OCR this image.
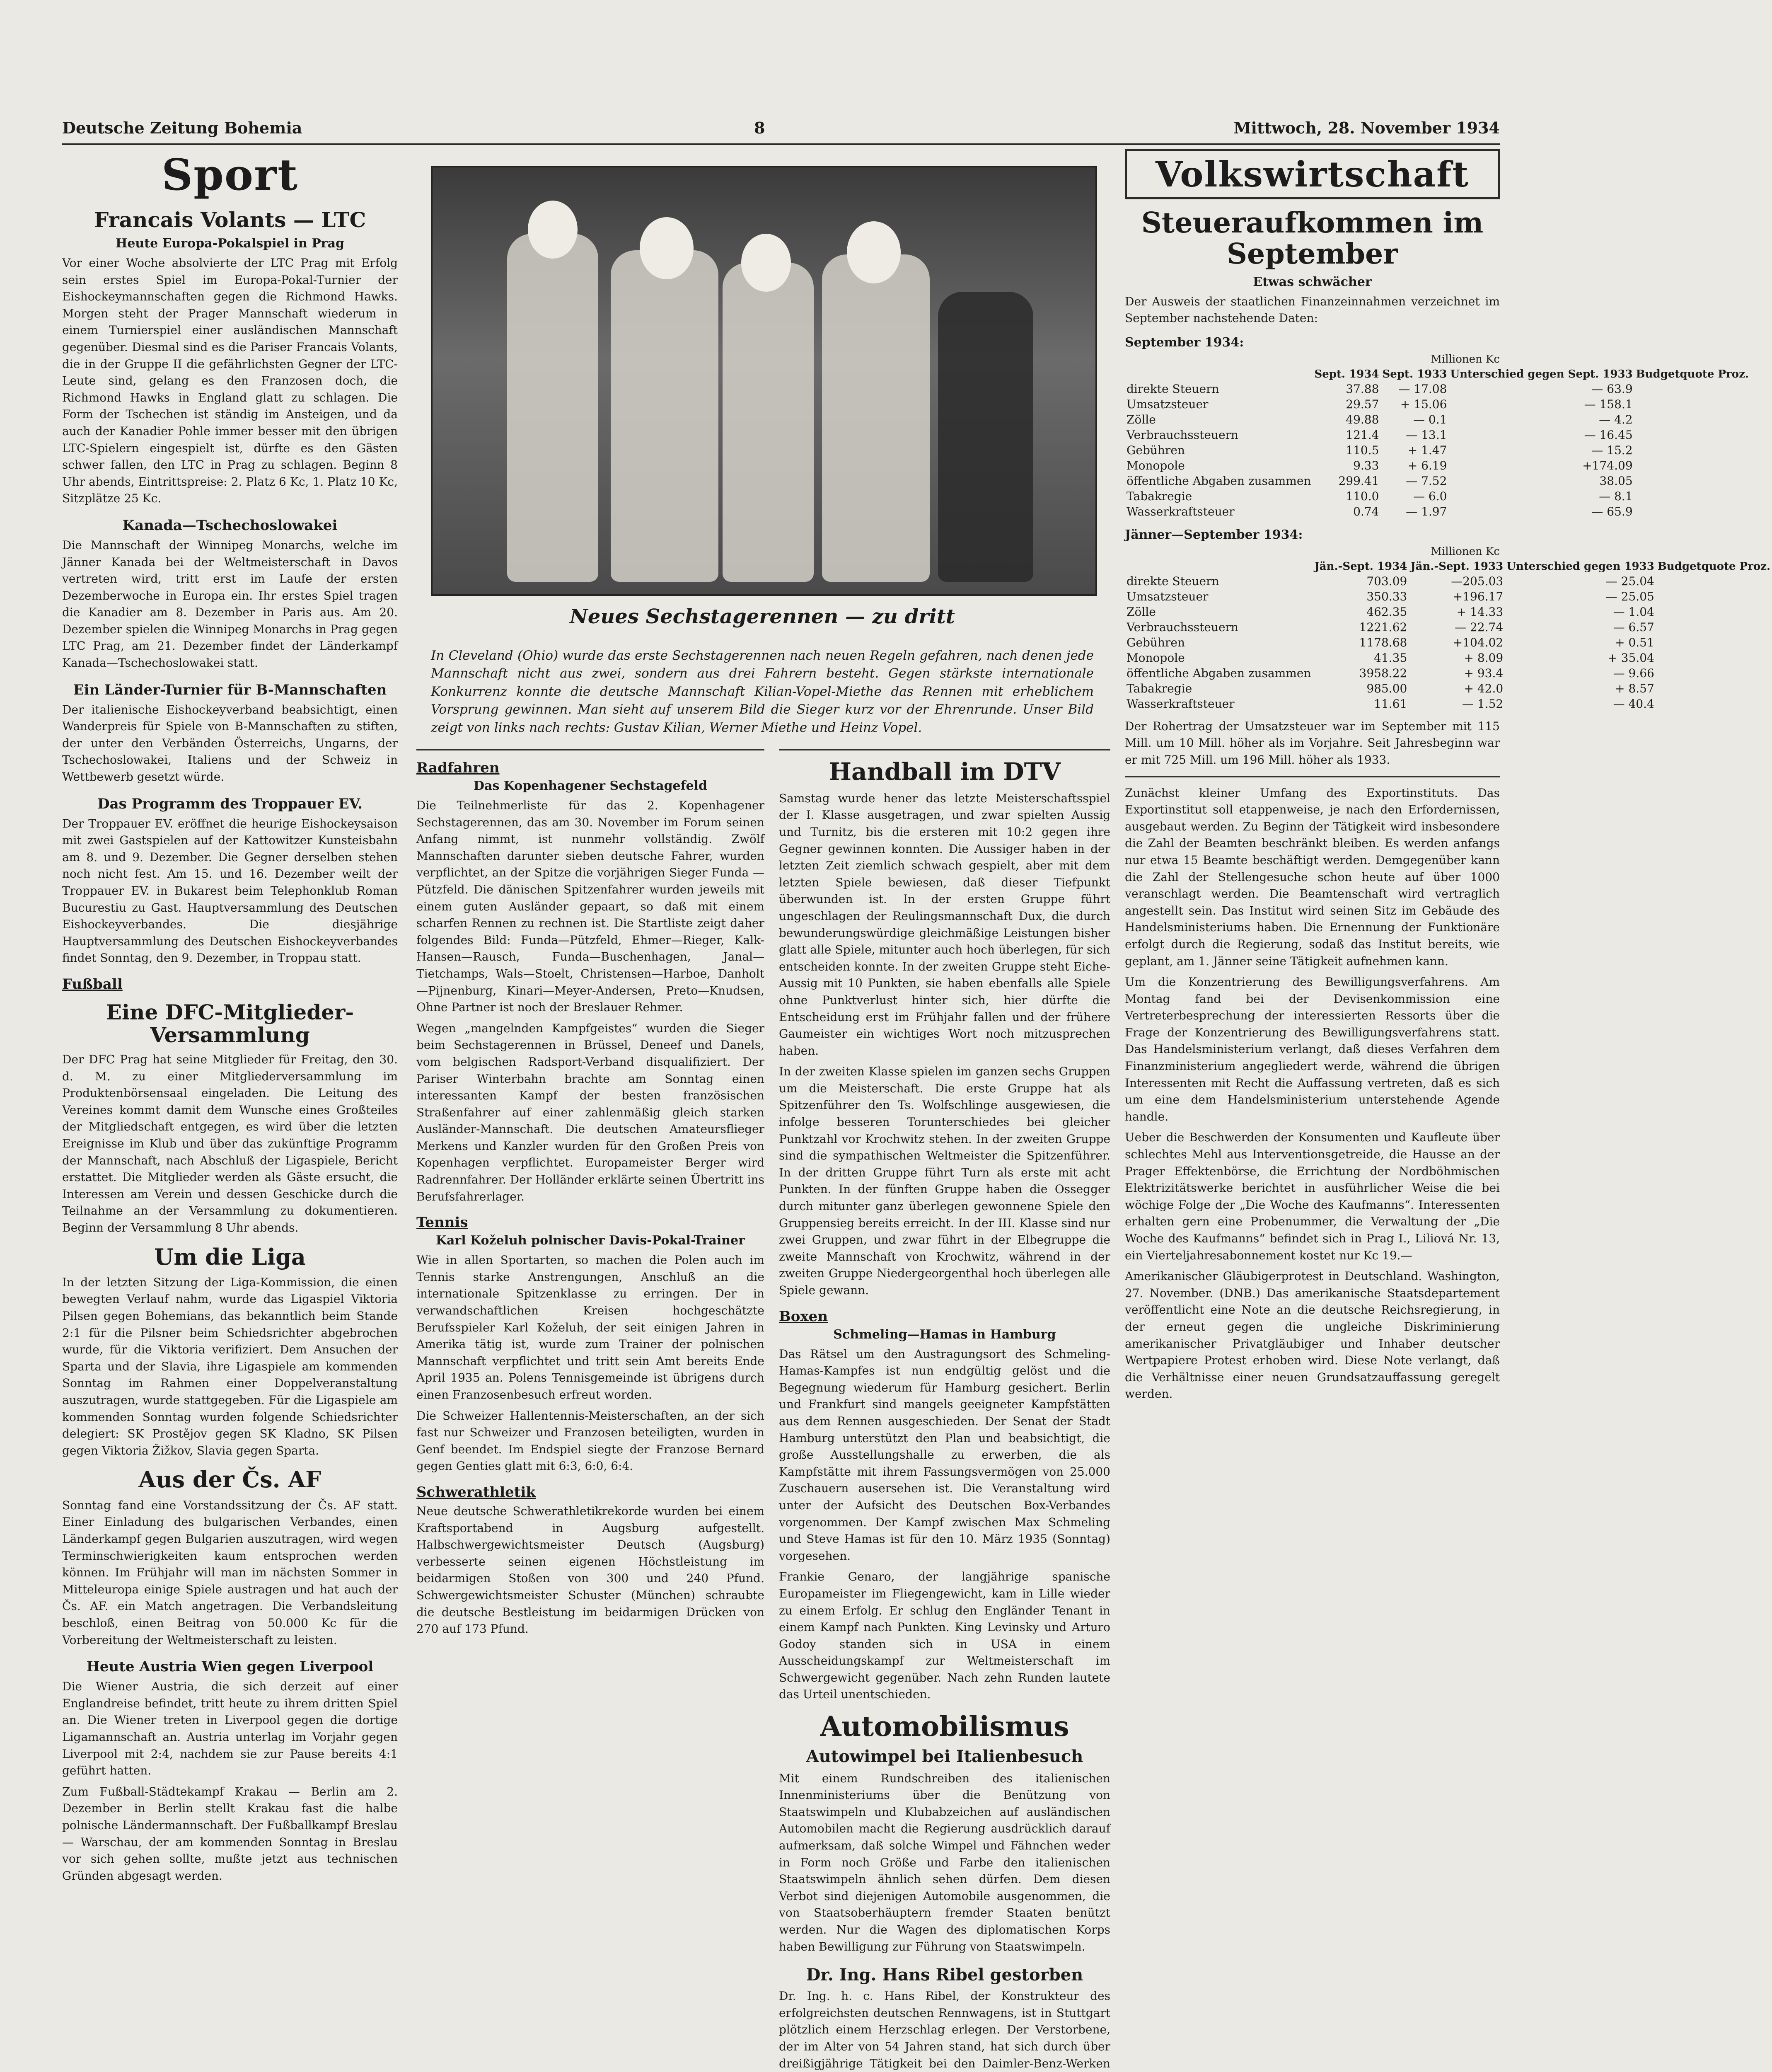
Deutsche Zeitung Bohemia	8	Mittwoch, 28. November 1934
Sport
Francais Volants — LTC
Heute Europa-Pokalspiel in Prag

Vor einer Woche absolvierte der LTC Prag mit Erfolg sein erstes Spiel im Europa-Pokal-Turnier der Eishockeymannschaften gegen die Richmond Hawks. Morgen steht der Prager Mannschaft wiederum in einem Turnierspiel einer ausländischen Mannschaft gegenüber. Diesmal sind es die Pariser Francais Volants, die in der Gruppe II die gefährlichsten Gegner der LTC-Leute sind, gelang es den Franzosen doch, die Richmond Hawks in England glatt zu schlagen. Die Form der Tschechen ist ständig im Ansteigen, und da auch der Kanadier Pohle immer besser mit den übrigen LTC-Spielern eingespielt ist, dürfte es den Gästen schwer fallen, den LTC in Prag zu schlagen. Beginn 8 Uhr abends, Eintrittspreise: 2. Platz 6 Kc, 1. Platz 10 Kc, Sitzplätze 25 Kc.

Kanada—Tschechoslowakei

Die Mannschaft der Winnipeg Monarchs, welche im Jänner Kanada bei der Weltmeisterschaft in Davos vertreten wird, tritt erst im Laufe der ersten Dezemberwoche in Europa ein. Ihr erstes Spiel tragen die Kanadier am 8. Dezember in Paris aus. Am 20. Dezember spielen die Winnipeg Monarchs in Prag gegen LTC Prag, am 21. Dezember findet der Länderkampf Kanada—Tschechoslowakei statt.

Ein Länder-Turnier für B-Mannschaften

Der italienische Eishockeyverband beabsichtigt, einen Wanderpreis für Spiele von B-Mannschaften zu stiften, der unter den Verbänden Österreichs, Ungarns, der Tschechoslowakei, Italiens und der Schweiz in Wettbewerb gesetzt würde.

Das Programm des Troppauer EV.

Der Troppauer EV. eröffnet die heurige Eishockeysaison mit zwei Gastspielen auf der Kattowitzer Kunsteisbahn am 8. und 9. Dezember. Die Gegner derselben stehen noch nicht fest. Am 15. und 16. Dezember weilt der Troppauer EV. in Bukarest beim Telephonklub Roman Bucurestiu zu Gast. Hauptversammlung des Deutschen Eishockeyverbandes. Die diesjährige Hauptversammlung des Deutschen Eishockeyverbandes findet Sonntag, den 9. Dezember, in Troppau statt.

Fußball
Eine DFC-Mitglieder-Versammlung

Der DFC Prag hat seine Mitglieder für Freitag, den 30. d. M. zu einer Mitgliederversammlung im Produktenbörsensaal eingeladen. Die Leitung des Vereines kommt damit dem Wunsche eines Großteiles der Mitgliedschaft entgegen, es wird über die letzten Ereignisse im Klub und über das zukünftige Programm der Mannschaft, nach Abschluß der Ligaspiele, Bericht erstattet. Die Mitglieder werden als Gäste ersucht, die Interessen am Verein und dessen Geschicke durch die Teilnahme an der Versammlung zu dokumentieren. Beginn der Versammlung 8 Uhr abends.

Um die Liga

In der letzten Sitzung der Liga-Kommission, die einen bewegten Verlauf nahm, wurde das Ligaspiel Viktoria Pilsen gegen Bohemians, das bekanntlich beim Stande 2:1 für die Pilsner beim Schiedsrichter abgebrochen wurde, für die Viktoria verifiziert. Dem Ansuchen der Sparta und der Slavia, ihre Ligaspiele am kommenden Sonntag im Rahmen einer Doppelveranstaltung auszutragen, wurde stattgegeben. Für die Ligaspiele am kommenden Sonntag wurden folgende Schiedsrichter delegiert: SK Prostějov gegen SK Kladno, SK Pilsen gegen Viktoria Žižkov, Slavia gegen Sparta.

Aus der Čs. AF

Sonntag fand eine Vorstandssitzung der Čs. AF statt. Einer Einladung des bulgarischen Verbandes, einen Länderkampf gegen Bulgarien auszutragen, wird wegen Terminschwierigkeiten kaum entsprochen werden können. Im Frühjahr will man im nächsten Sommer in Mitteleuropa einige Spiele austragen und hat auch der Čs. AF. ein Match angetragen. Die Verbandsleitung beschloß, einen Beitrag von 50.000 Kc für die Vorbereitung der Weltmeisterschaft zu leisten.

Heute Austria Wien gegen Liverpool

Die Wiener Austria, die sich derzeit auf einer Englandreise befindet, tritt heute zu ihrem dritten Spiel an. Die Wiener treten in Liverpool gegen die dortige Ligamannschaft an. Austria unterlag im Vorjahr gegen Liverpool mit 2:4, nachdem sie zur Pause bereits 4:1 geführt hatten.

Zum Fußball-Städtekampf Krakau — Berlin am 2. Dezember in Berlin stellt Krakau fast die halbe polnische Ländermannschaft. Der Fußballkampf Breslau — Warschau, der am kommenden Sonntag in Breslau vor sich gehen sollte, mußte jetzt aus technischen Gründen abgesagt werden.

Neues Sechstagerennen — zu dritt

In Cleveland (Ohio) wurde das erste Sechstagerennen nach neuen Regeln gefahren, nach denen jede Mannschaft nicht aus zwei, sondern aus drei Fahrern besteht. Gegen stärkste internationale Konkurrenz konnte die deutsche Mannschaft Kilian-Vopel-Miethe das Rennen mit erheblichem Vorsprung gewinnen. Man sieht auf unserem Bild die Sieger kurz vor der Ehrenrunde. Unser Bild zeigt von links nach rechts: Gustav Kilian, Werner Miethe und Heinz Vopel.

Radfahren
Das Kopenhagener Sechstagefeld

Die Teilnehmerliste für das 2. Kopenhagener Sechstagerennen, das am 30. November im Forum seinen Anfang nimmt, ist nunmehr vollständig. Zwölf Mannschaften darunter sieben deutsche Fahrer, wurden verpflichtet, an der Spitze die vorjährigen Sieger Funda — Pützfeld. Die dänischen Spitzenfahrer wurden jeweils mit einem guten Ausländer gepaart, so daß mit einem scharfen Rennen zu rechnen ist. Die Startliste zeigt daher folgendes Bild: Funda—Pützfeld, Ehmer—Rieger, Kalk-Hansen—Rausch, Funda—Buschenhagen, Janal—Tietchamps, Wals—Stoelt, Christensen—Harboe, Danholt—Pijnenburg, Kinari—Meyer-Andersen, Preto—Knudsen, Ohne Partner ist noch der Breslauer Rehmer.

Wegen „mangelnden Kampfgeistes“ wurden die Sieger beim Sechstagerennen in Brüssel, Deneef und Danels, vom belgischen Radsport-Verband disqualifiziert. Der Pariser Winterbahn brachte am Sonntag einen interessanten Kampf der besten französischen Straßenfahrer auf einer zahlenmäßig gleich starken Ausländer-Mannschaft. Die deutschen Amateursflieger Merkens und Kanzler wurden für den Großen Preis von Kopenhagen verpflichtet. Europameister Berger wird Radrennfahrer. Der Holländer erklärte seinen Übertritt ins Berufsfahrerlager.

Tennis
Karl Koželuh polnischer Davis-Pokal-Trainer

Wie in allen Sportarten, so machen die Polen auch im Tennis starke Anstrengungen, Anschluß an die internationale Spitzenklasse zu erringen. Der in verwandschaftlichen Kreisen hochgeschätzte Berufsspieler Karl Koželuh, der seit einigen Jahren in Amerika tätig ist, wurde zum Trainer der polnischen Mannschaft verpflichtet und tritt sein Amt bereits Ende April 1935 an. Polens Tennisgemeinde ist übrigens durch einen Franzosenbesuch erfreut worden.

Die Schweizer Hallentennis-Meisterschaften, an der sich fast nur Schweizer und Franzosen beteiligten, wurden in Genf beendet. Im Endspiel siegte der Franzose Bernard gegen Genties glatt mit 6:3, 6:0, 6:4.

Schwerathletik

Neue deutsche Schwerathletikrekorde wurden bei einem Kraftsportabend in Augsburg aufgestellt. Halbschwergewichtsmeister Deutsch (Augsburg) verbesserte seinen eigenen Höchstleistung im beidarmigen Stoßen von 300 und 240 Pfund. Schwergewichtsmeister Schuster (München) schraubte die deutsche Bestleistung im beidarmigen Drücken von 270 auf 173 Pfund.

Handball im DTV

Samstag wurde hener das letzte Meisterschaftsspiel der I. Klasse ausgetragen, und zwar spielten Aussig und Turnitz, bis die ersteren mit 10:2 gegen ihre Gegner gewinnen konnten. Die Aussiger haben in der letzten Zeit ziemlich schwach gespielt, aber mit dem letzten Spiele bewiesen, daß dieser Tiefpunkt überwunden ist. In der ersten Gruppe führt ungeschlagen der Reulingsmannschaft Dux, die durch bewunderungswürdige gleichmäßige Leistungen bisher glatt alle Spiele, mitunter auch hoch überlegen, für sich entscheiden konnte. In der zweiten Gruppe steht Eiche-Aussig mit 10 Punkten, sie haben ebenfalls alle Spiele ohne Punktverlust hinter sich, hier dürfte die Entscheidung erst im Frühjahr fallen und der frühere Gaumeister ein wichtiges Wort noch mitzusprechen haben.

In der zweiten Klasse spielen im ganzen sechs Gruppen um die Meisterschaft. Die erste Gruppe hat als Spitzenführer den Ts. Wolfschlinge ausgewiesen, die infolge besseren Torunterschiedes bei gleicher Punktzahl vor Krochwitz stehen. In der zweiten Gruppe sind die sympathischen Weltmeister die Spitzenführer. In der dritten Gruppe führt Turn als erste mit acht Punkten. In der fünften Gruppe haben die Ossegger durch mitunter ganz überlegen gewonnene Spiele den Gruppensieg bereits erreicht. In der III. Klasse sind nur zwei Gruppen, und zwar führt in der Elbegruppe die zweite Mannschaft von Krochwitz, während in der zweiten Gruppe Niedergeorgenthal hoch überlegen alle Spiele gewann.

Boxen
Schmeling—Hamas in Hamburg

Das Rätsel um den Austragungsort des Schmeling-Hamas-Kampfes ist nun endgültig gelöst und die Begegnung wiederum für Hamburg gesichert. Berlin und Frankfurt sind mangels geeigneter Kampfstätten aus dem Rennen ausgeschieden. Der Senat der Stadt Hamburg unterstützt den Plan und beabsichtigt, die große Ausstellungshalle zu erwerben, die als Kampfstätte mit ihrem Fassungsvermögen von 25.000 Zuschauern ausersehen ist. Die Veranstaltung wird unter der Aufsicht des Deutschen Box-Verbandes vorgenommen. Der Kampf zwischen Max Schmeling und Steve Hamas ist für den 10. März 1935 (Sonntag) vorgesehen.

Frankie Genaro, der langjährige spanische Europameister im Fliegengewicht, kam in Lille wieder zu einem Erfolg. Er schlug den Engländer Tenant in einem Kampf nach Punkten. King Levinsky und Arturo Godoy standen sich in USA in einem Ausscheidungskampf zur Weltmeisterschaft im Schwergewicht gegenüber. Nach zehn Runden lautete das Urteil unentschieden.

Automobilismus
Autowimpel bei Italienbesuch

Mit einem Rundschreiben des italienischen Innenministeriums über die Benützung von Staatswimpeln und Klubabzeichen auf ausländischen Automobilen macht die Regierung ausdrücklich darauf aufmerksam, daß solche Wimpel und Fähnchen weder in Form noch Größe und Farbe den italienischen Staatswimpeln ähnlich sehen dürfen. Dem diesen Verbot sind diejenigen Automobile ausgenommen, die von Staatsoberhäuptern fremder Staaten benützt werden. Nur die Wagen des diplomatischen Korps haben Bewilligung zur Führung von Staatswimpeln.

Dr. Ing. Hans Ribel gestorben

Dr. Ing. h. c. Hans Ribel, der Konstrukteur des erfolgreichsten deutschen Rennwagens, ist in Stuttgart plötzlich einem Herzschlag erlegen. Der Verstorbene, der im Alter von 54 Jahren stand, hat sich durch über dreißigjährige Tätigkeit bei den Daimler-Benz-Werken

Volkswirtschaft
Steueraufkommen im September
Etwas schwächer

Der Ausweis der staatlichen Finanzeinnahmen verzeichnet im September nachstehende Daten:

September 1934:
Millionen Kc
	Sept. 1934	Sept. 1933	Unterschied gegen Sept. 1933	Budgetquote Proz.
direkte Steuern	37.88	— 17.08	— 63.9	
Umsatzsteuer	29.57	+ 15.06	— 158.1	
Zölle	49.88	— 0.1	— 4.2	
Verbrauchssteuern	121.4	— 13.1	— 16.45	
Gebühren	110.5	+ 1.47	— 15.2	
Monopole	9.33	+ 6.19	+174.09	
öffentliche Abgaben zusammen	299.41	— 7.52	38.05	
Tabakregie	110.0	— 6.0	— 8.1	
Wasserkraftsteuer	0.74	— 1.97	— 65.9	
Jänner—September 1934:
Millionen Kc
	Jän.-Sept. 1934	Jän.-Sept. 1933	Unterschied gegen 1933	Budgetquote Proz.
direkte Steuern	703.09	—205.03	— 25.04	
Umsatzsteuer	350.33	+196.17	— 25.05	
Zölle	462.35	+ 14.33	— 1.04	
Verbrauchssteuern	1221.62	— 22.74	— 6.57	
Gebühren	1178.68	+104.02	+ 0.51	
Monopole	41.35	+ 8.09	+ 35.04	
öffentliche Abgaben zusammen	3958.22	+ 93.4	— 9.66	
Tabakregie	985.00	+ 42.0	+ 8.57	
Wasserkraftsteuer	11.61	— 1.52	— 40.4	

Der Rohertrag der Umsatzsteuer war im September mit 115 Mill. um 10 Mill. höher als im Vorjahre. Seit Jahresbeginn war er mit 725 Mill. um 196 Mill. höher als 1933.

Zunächst kleiner Umfang des Exportinstituts. Das Exportinstitut soll etappenweise, je nach den Erfordernissen, ausgebaut werden. Zu Beginn der Tätigkeit wird insbesondere die Zahl der Beamten beschränkt bleiben. Es werden anfangs nur etwa 15 Beamte beschäftigt werden. Demgegenüber kann die Zahl der Stellengesuche schon heute auf über 1000 veranschlagt werden. Die Beamtenschaft wird vertraglich angestellt sein. Das Institut wird seinen Sitz im Gebäude des Handelsministeriums haben. Die Ernennung der Funktionäre erfolgt durch die Regierung, sodaß das Institut bereits, wie geplant, am 1. Jänner seine Tätigkeit aufnehmen kann.

Um die Konzentrierung des Bewilligungsverfahrens. Am Montag fand bei der Devisenkommission eine Vertreterbesprechung der interessierten Ressorts über die Frage der Konzentrierung des Bewilligungsverfahrens statt. Das Handelsministerium verlangt, daß dieses Verfahren dem Finanzministerium angegliedert werde, während die übrigen Interessenten mit Recht die Auffassung vertreten, daß es sich um eine dem Handelsministerium unterstehende Agende handle.

Ueber die Beschwerden der Konsumenten und Kaufleute über schlechtes Mehl aus Interventionsgetreide, die Hausse an der Prager Effektenbörse, die Errichtung der Nordböhmischen Elektrizitätswerke berichtet in ausführlicher Weise die bei wöchige Folge der „Die Woche des Kaufmanns“. Interessenten erhalten gern eine Probenummer, die Verwaltung der „Die Woche des Kaufmanns“ befindet sich in Prag I., Liliová Nr. 13, ein Vierteljahresabonnement kostet nur Kc 19.—

Amerikanischer Gläubigerprotest in Deutschland. Washington, 27. November. (DNB.) Das amerikanische Staatsdepartement veröffentlicht eine Note an die deutsche Reichsregierung, in der erneut gegen die ungleiche Diskriminierung amerikanischer Privatgläubiger und Inhaber deutscher Wertpapiere Protest erhoben wird. Diese Note verlangt, daß die Verhältnisse einer neuen Grundsatzauffassung geregelt werden.
